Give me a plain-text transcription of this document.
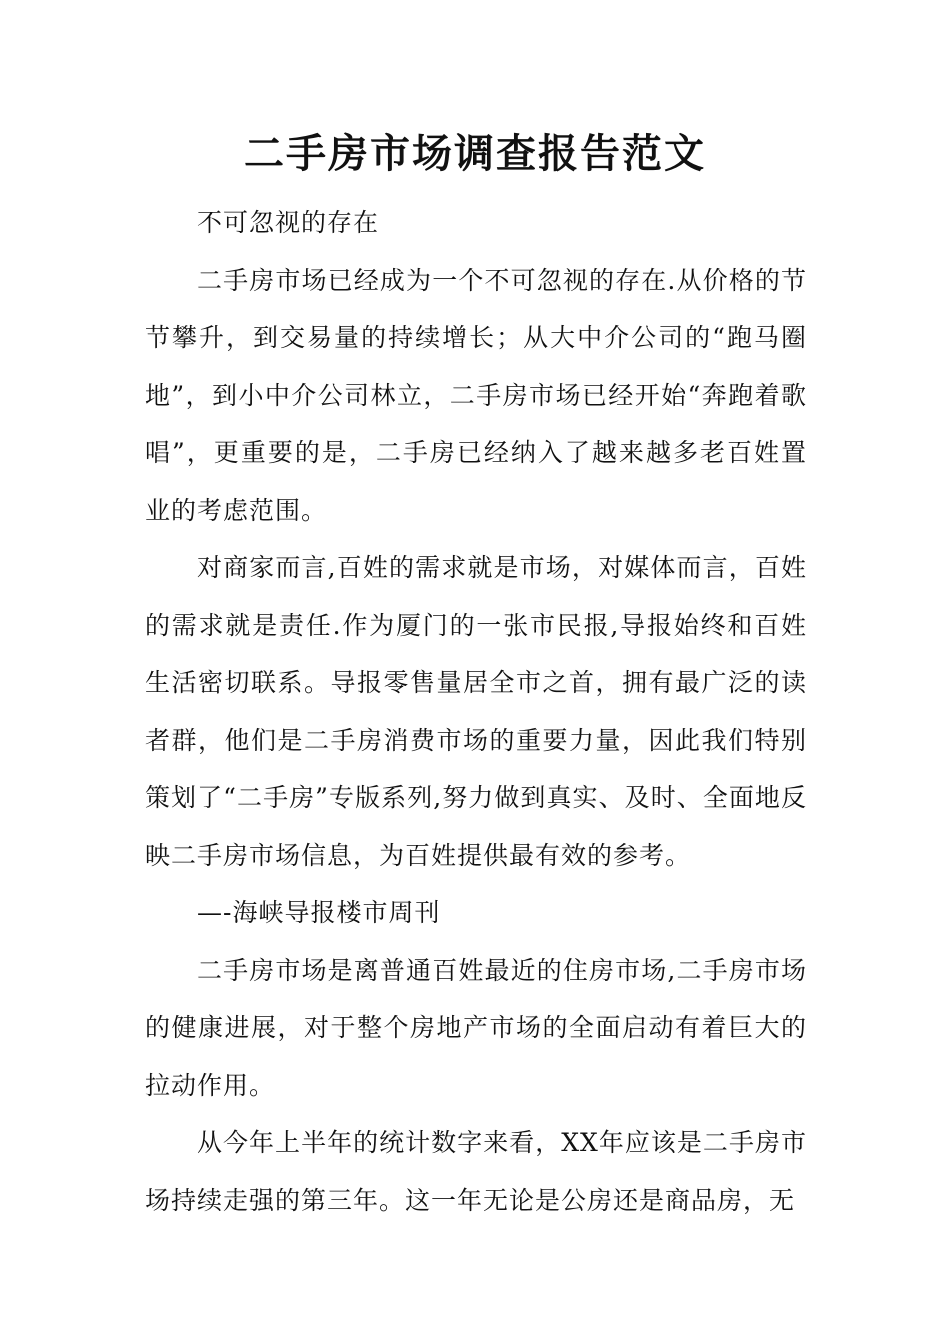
二手房市场调查报告范文

不可忽视的存在

二手房市场已经成为一个不可忽视的存在.从价格的节节攀升，到交易量的持续增长；从大中介公司的“跑马圈地”，到小中介公司林立，二手房市场已经开始“奔跑着歌唱”，更重要的是，二手房已经纳入了越来越多老百姓置业的考虑范围。

对商家而言,百姓的需求就是市场，对媒体而言，百姓的需求就是责任.作为厦门的一张市民报,导报始终和百姓生活密切联系。导报零售量居全市之首，拥有最广泛的读者群，他们是二手房消费市场的重要力量，因此我们特别策划了“二手房”专版系列,努力做到真实、及时、全面地反映二手房市场信息，为百姓提供最有效的参考。

—-海峡导报楼市周刊

二手房市场是离普通百姓最近的住房市场,二手房市场的健康进展，对于整个房地产市场的全面启动有着巨大的拉动作用。

从今年上半年的统计数字来看，XX年应该是二手房市场持续走强的第三年。这一年无论是公房还是商品房，无
